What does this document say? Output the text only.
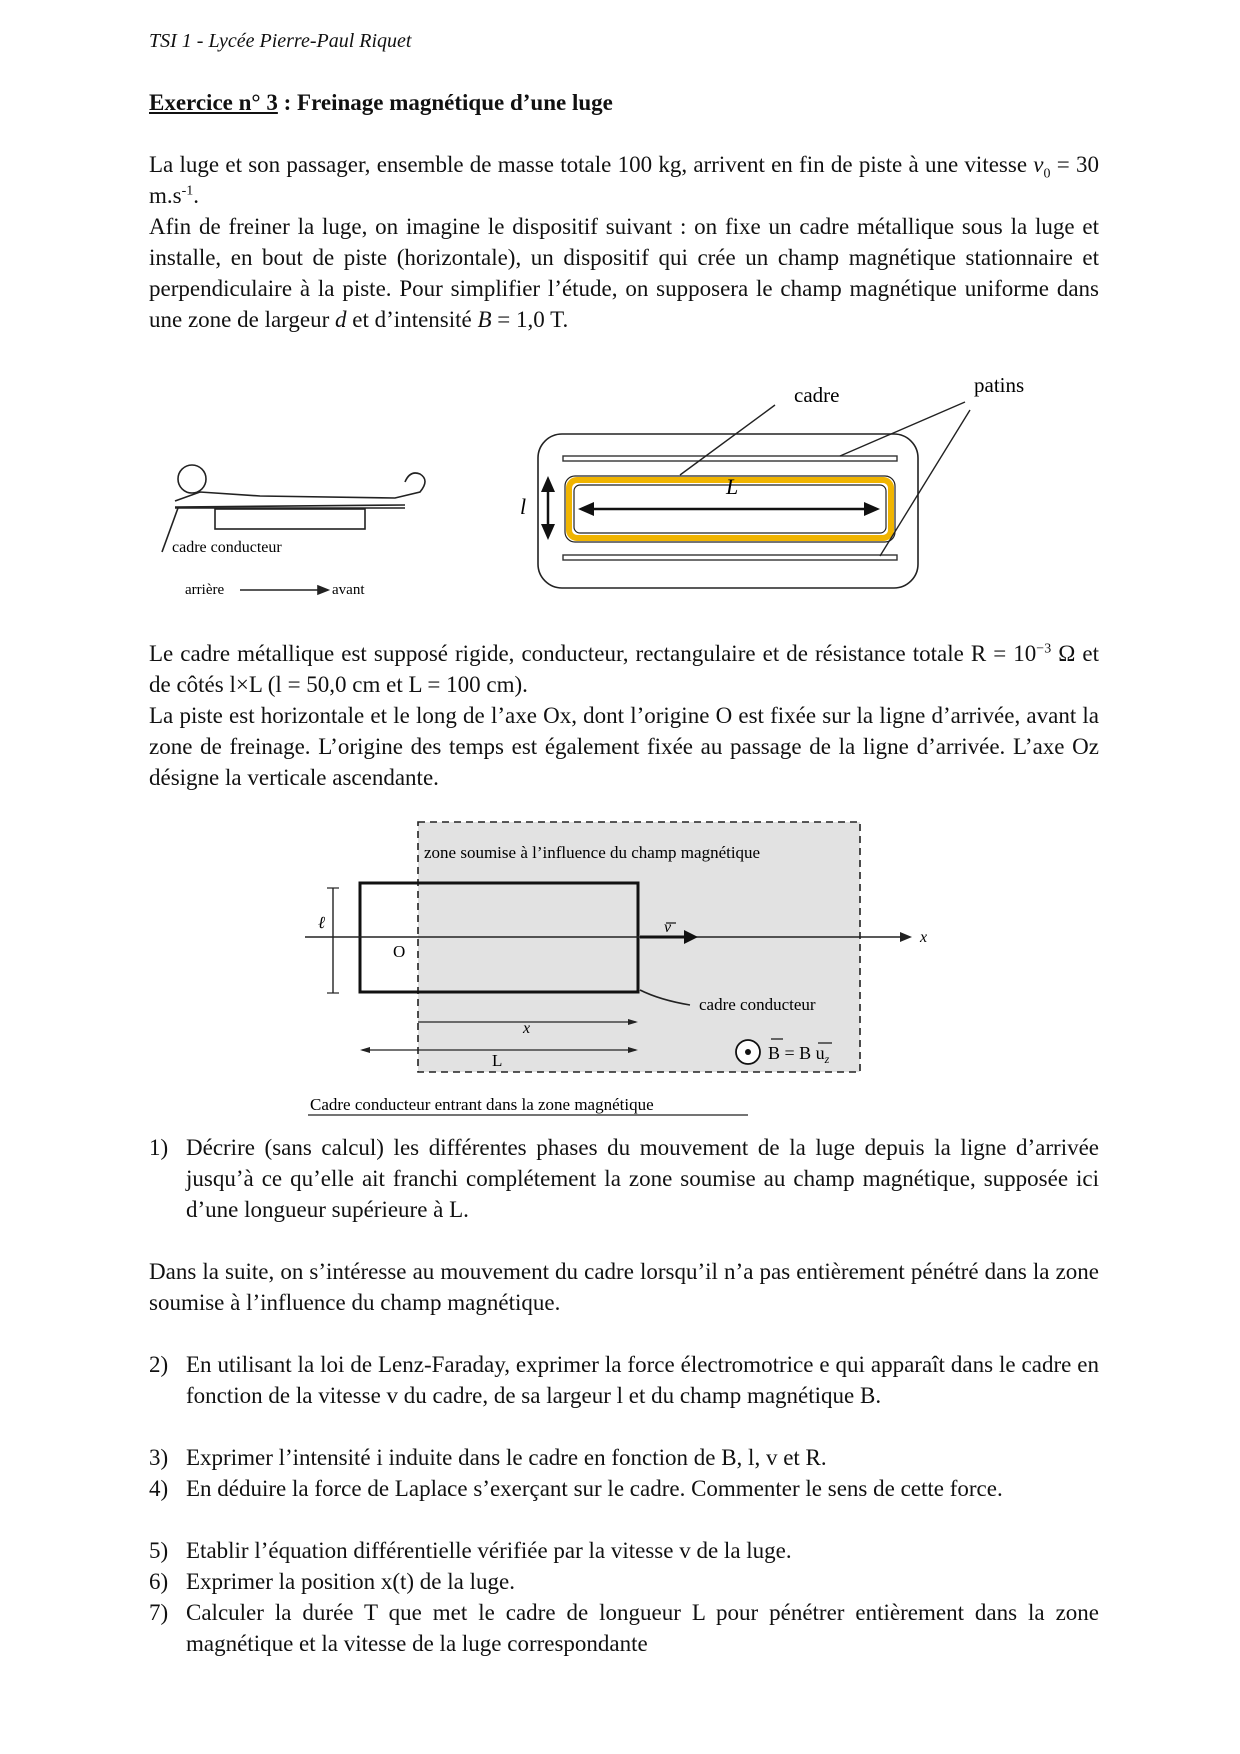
TSI 1 - Lycée Pierre-Paul Riquet
Exercice n° 3 : Freinage magnétique d’une luge
La luge et son passager, ensemble de masse totale 100 kg, arrivent en fin de piste à une vitesse $v_0 = 30$ $m.s^{-1}$.
Afin de freiner la luge, on imagine le dispositif suivant : on fixe un cadre métallique sous la luge et installe, en bout de piste (horizontale), un dispositif qui crée un champ magnétique stationnaire et perpendiculaire à la piste. Pour simplifier l’étude, on supposera le champ magnétique uniforme dans une zone de largeur d et d’intensité B = 1,0 T.
cadre conducteur
arrière	avant
L
l
cadre	patins
Le cadre métallique est supposé rigide, conducteur, rectangulaire et de résistance totale $R = 10^{-3}$ Ω et de côtés l×L (l = 50,0 cm et L = 100 cm).
La piste est horizontale et le long de l’axe Ox, dont l’origine O est fixée sur la ligne d’arrivée, avant la zone de freinage. L’origine des temps est également fixée au passage de la ligne d’arrivée. L’axe Oz désigne la verticale ascendante.
zone soumise à l’influence du champ magnétique
ℓ
O
v
x
cadre conducteur
x
L	B = B $u_z$
Cadre conducteur entrant dans la zone magnétique
1) Décrire (sans calcul) les différentes phases du mouvement de la luge depuis la ligne d’arrivée jusqu’à ce qu’elle ait franchi complétement la zone soumise au champ magnétique, supposée ici d’une longueur supérieure à L.
Dans la suite, on s’intéresse au mouvement du cadre lorsqu’il n’a pas entièrement pénétré dans la zone soumise à l’influence du champ magnétique.
2) En utilisant la loi de Lenz-Faraday, exprimer la force électromotrice e qui apparaît dans le cadre en fonction de la vitesse v du cadre, de sa largeur l et du champ magnétique B.
3) Exprimer l’intensité i induite dans le cadre en fonction de B, l, v et R.
4) En déduire la force de Laplace s’exerçant sur le cadre. Commenter le sens de cette force.
5) Etablir l’équation différentielle vérifiée par la vitesse v de la luge.
6) Exprimer la position x(t) de la luge.
7) Calculer la durée T que met le cadre de longueur L pour pénétrer entièrement dans la zone magnétique et la vitesse de la luge correspondante
